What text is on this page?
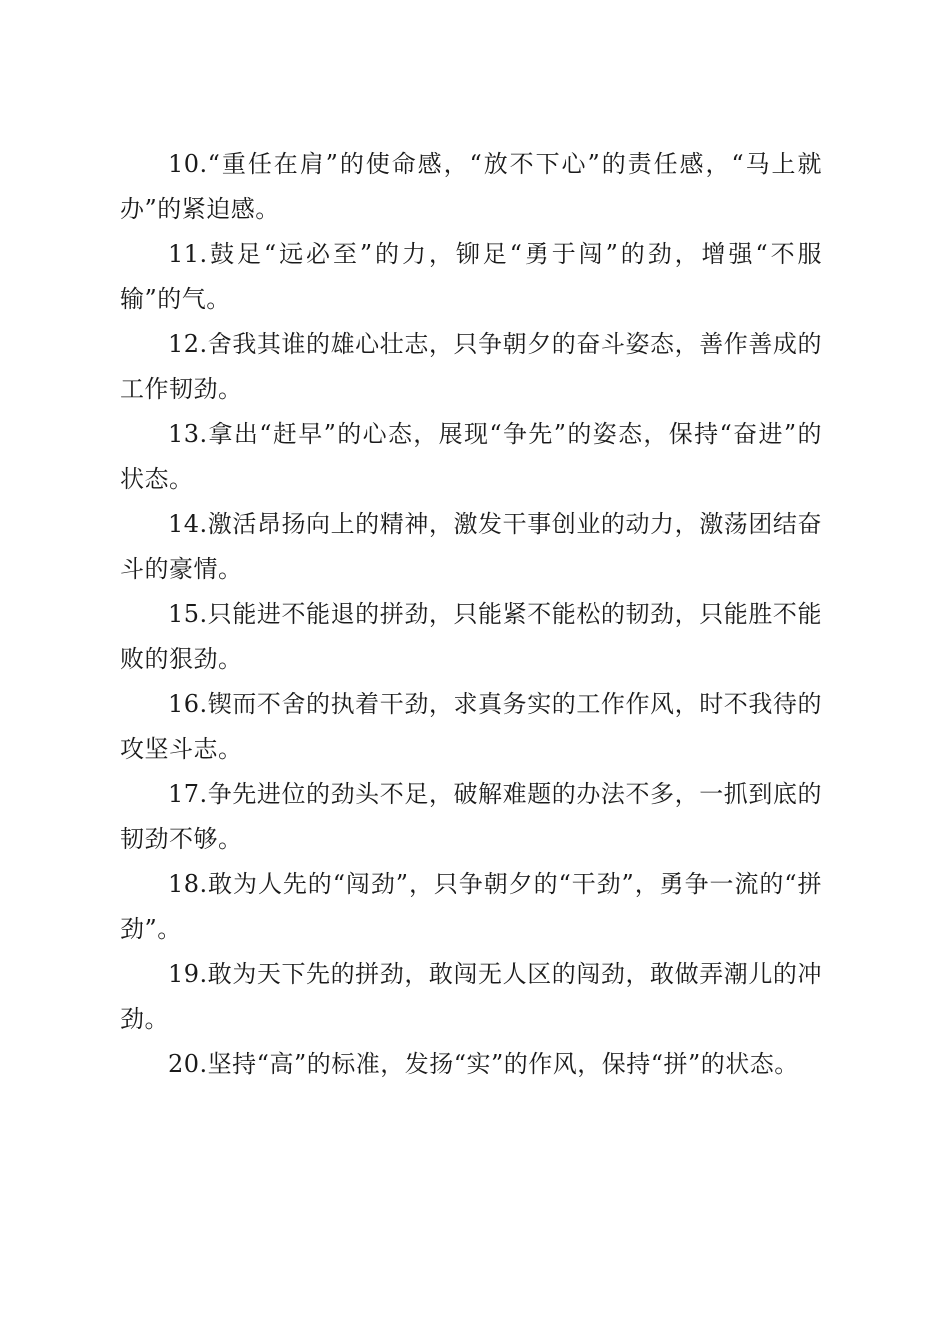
10.“重任在肩”的使命感，“放不下心”的责任感，“马上就办”的紧迫感。

11.鼓足“远必至”的力，铆足“勇于闯”的劲，增强“不服输”的气。

12.舍我其谁的雄心壮志，只争朝夕的奋斗姿态，善作善成的工作韧劲。

13.拿出“赶早”的心态，展现“争先”的姿态，保持“奋进”的状态。

14.激活昂扬向上的精神，激发干事创业的动力，激荡团结奋斗的豪情。

15.只能进不能退的拼劲，只能紧不能松的韧劲，只能胜不能败的狠劲。

16.锲而不舍的执着干劲，求真务实的工作作风，时不我待的攻坚斗志。

17.争先进位的劲头不足，破解难题的办法不多，一抓到底的韧劲不够。

18.敢为人先的“闯劲”，只争朝夕的“干劲”，勇争一流的“拼劲”。

19.敢为天下先的拼劲，敢闯无人区的闯劲，敢做弄潮儿的冲劲。

20.坚持“高”的标准，发扬“实”的作风，保持“拼”的状态。
